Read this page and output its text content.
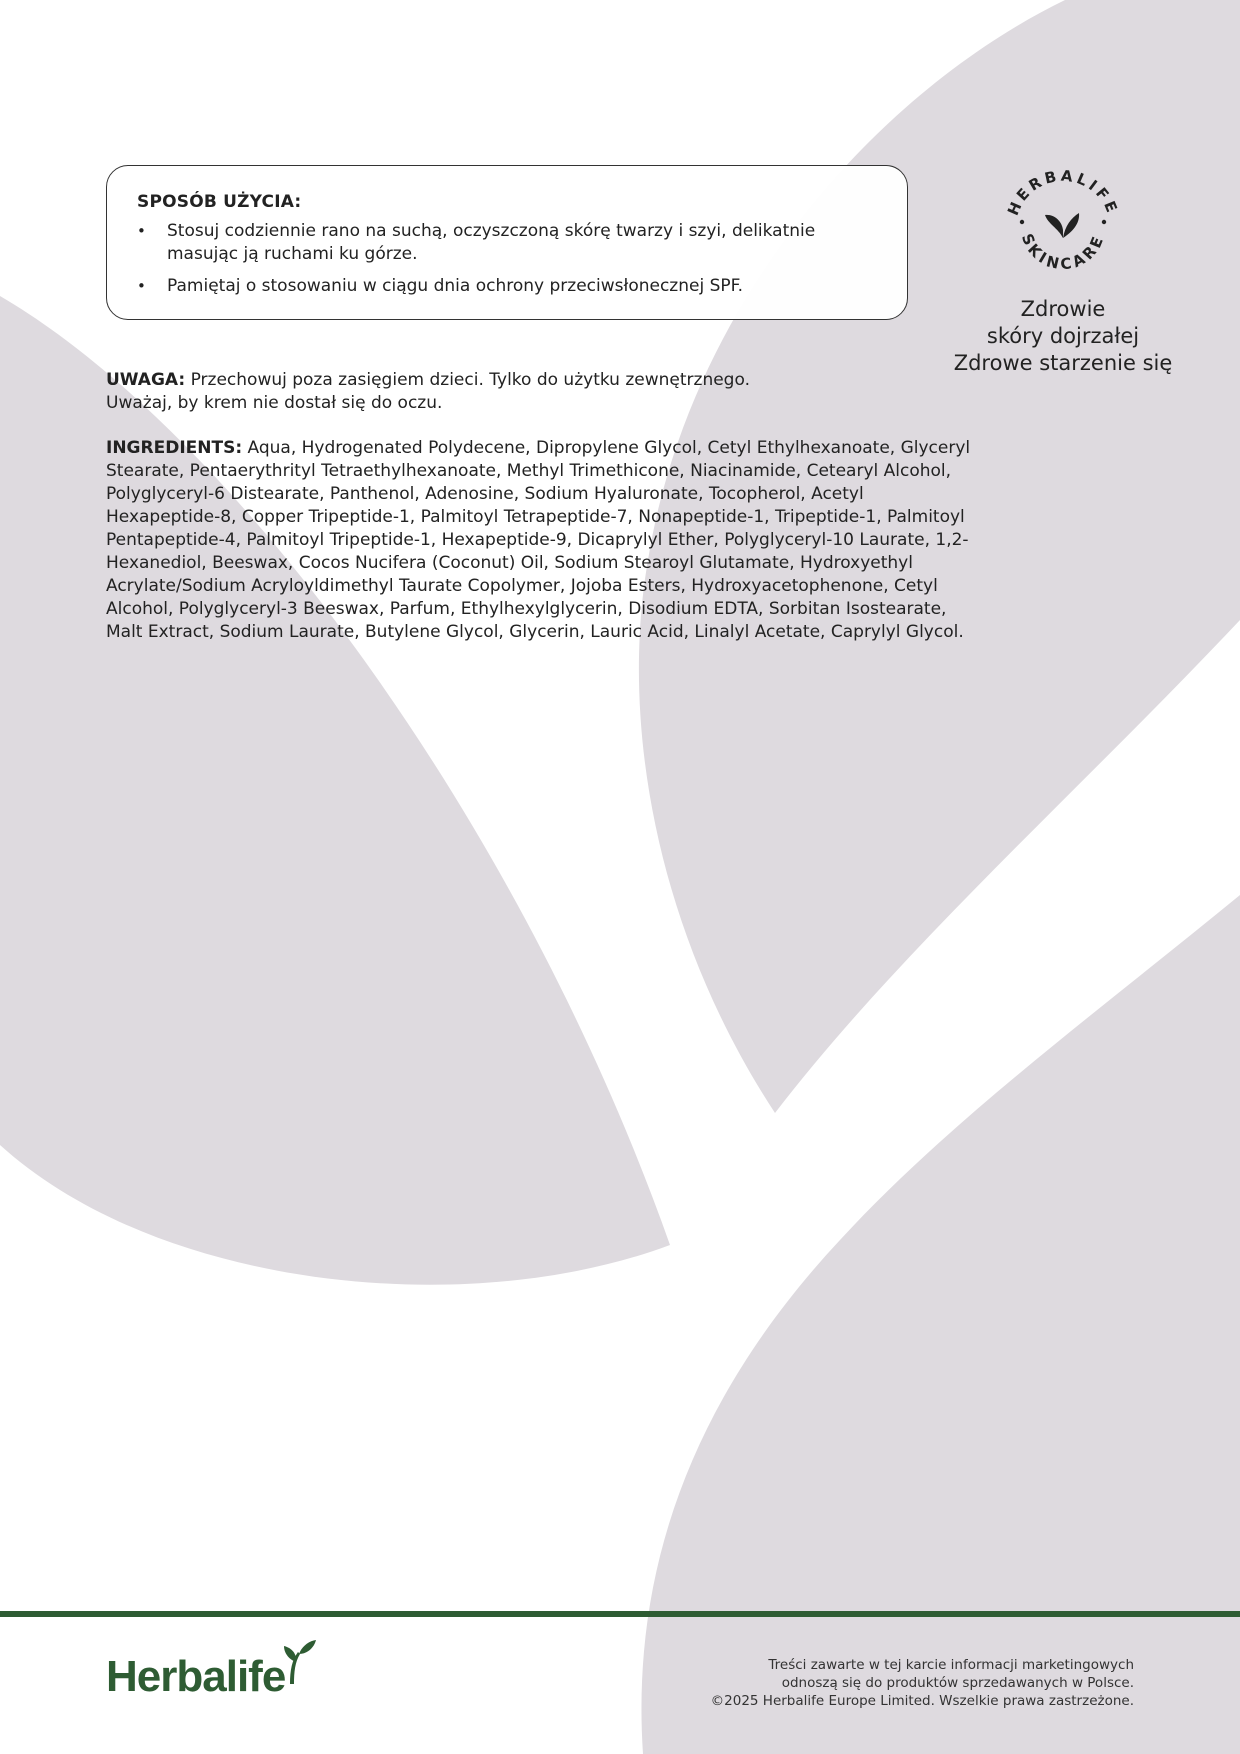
SPOSÓB UŻYCIA:
• Stosuj codziennie rano na suchą, oczyszczoną skórę twarzy i szyi, delikatnie masując ją ruchami ku górze.
• Pamiętaj o stosowaniu w ciągu dnia ochrony przeciwsłonecznej SPF.
UWAGA: Przechowuj poza zasięgiem dzieci. Tylko do użytku zewnętrznego.
Uważaj, by krem nie dostał się do oczu.
INGREDIENTS: Aqua, Hydrogenated Polydecene, Dipropylene Glycol, Cetyl Ethylhexanoate, Glyceryl Stearate, Pentaerythrityl Tetraethylhexanoate, Methyl Trimethicone, Niacinamide, Cetearyl Alcohol, Polyglyceryl-6 Distearate, Panthenol, Adenosine, Sodium Hyaluronate, Tocopherol, Acetyl Hexapeptide-8, Copper Tripeptide-1, Palmitoyl Tetrapeptide-7, Nonapeptide-1, Tripeptide-1, Palmitoyl Pentapeptide-4, Palmitoyl Tripeptide-1, Hexapeptide-9, Dicaprylyl Ether, Polyglyceryl-10 Laurate, 1,2-Hexanediol, Beeswax, Cocos Nucifera (Coconut) Oil, Sodium Stearoyl Glutamate, Hydroxyethyl Acrylate/Sodium Acryloyldimethyl Taurate Copolymer, Jojoba Esters, Hydroxyacetophenone, Cetyl Alcohol, Polyglyceryl-3 Beeswax, Parfum, Ethylhexylglycerin, Disodium EDTA, Sorbitan Isostearate, Malt Extract, Sodium Laurate, Butylene Glycol, Glycerin, Lauric Acid, Linalyl Acetate, Caprylyl Glycol.
HERBALIFE
SKINCARE
Zdrowie
skóry dojrzałej
Zdrowe starzenie się
Herbalife	Treści zawarte w tej karcie informacji marketingowych
odnoszą się do produktów sprzedawanych w Polsce.
©2025 Herbalife Europe Limited. Wszelkie prawa zastrzeżone.
